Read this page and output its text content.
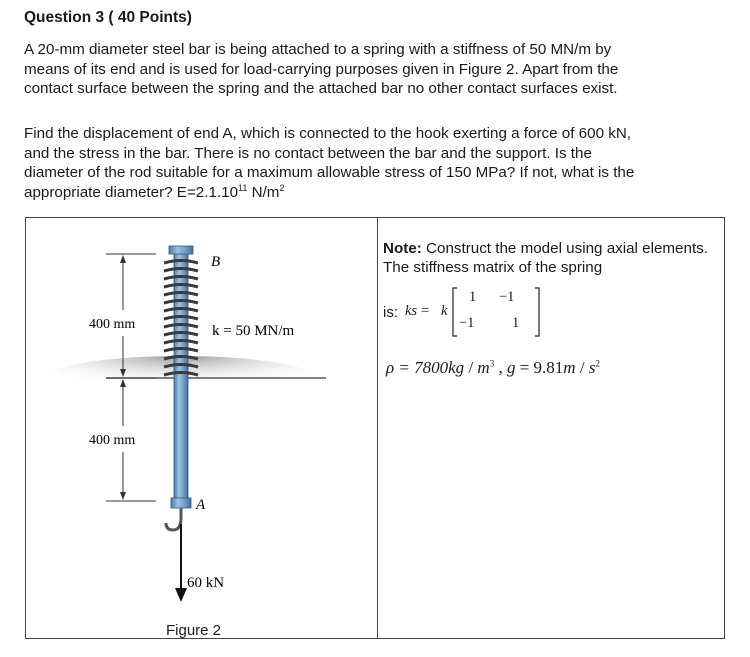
Question 3 ( 40 Points)
A 20-mm diameter steel bar is being attached to a spring with a stiffness of 50 MN/m by
means of its end and is used for load-carrying purposes given in Figure 2. Apart from the
contact surface between the spring and the attached bar no other contact surfaces exist.
Find the displacement of end A, which is connected to the hook exerting a force of 600 kN,
and the stress in the bar. There is no contact between the bar and the support. Is the
diameter of the rod suitable for a maximum allowable stress of 150 MPa? If not, what is the
appropriate diameter? $E=2.1.10^{11}$ $N/m^2$
B
A
400 mm
400 mm
k = 50 MN/m
60 kN
Figure 2
Note: Construct the model using axial elements. The stiffness matrix of the spring
is: ks = k
1 −1
−1	1
$\rho = 7800kg / m^3$ , $g = 9.81m / s^2$
